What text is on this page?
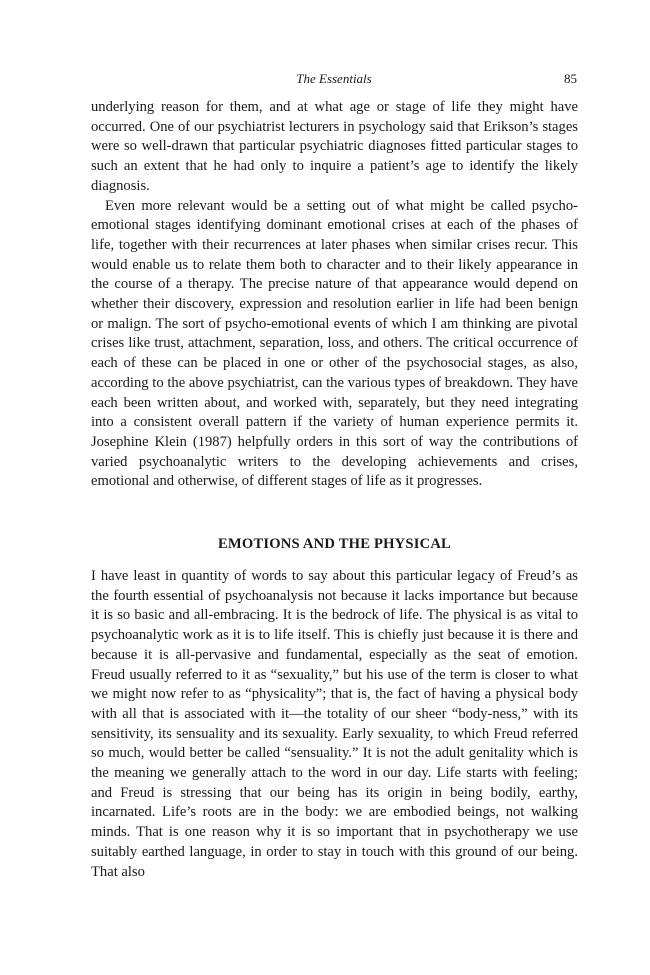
The Essentials	85

underlying reason for them, and at what age or stage of life they might have occurred. One of our psychiatrist lecturers in psychology said that Erikson’s stages were so well-drawn that particular psychiatric diagnoses fitted particular stages to such an extent that he had only to inquire a patient’s age to identify the likely diagnosis.

Even more relevant would be a setting out of what might be called psycho-emotional stages identifying dominant emotional crises at each of the phases of life, together with their recurrences at later phases when similar crises recur. This would enable us to relate them both to character and to their likely appearance in the course of a therapy. The precise nature of that appearance would depend on whether their discovery, expression and resolution earlier in life had been benign or malign. The sort of psycho-emotional events of which I am thinking are pivotal crises like trust, attachment, separation, loss, and others. The critical occurrence of each of these can be placed in one or other of the psychosocial stages, as also, according to the above psychiatrist, can the various types of breakdown. They have each been written about, and worked with, separately, but they need integrating into a consistent overall pattern if the variety of human experience permits it. Josephine Klein (1987) helpfully orders in this sort of way the contributions of varied psychoanalytic writers to the developing achievements and crises, emotional and otherwise, of different stages of life as it progresses.

EMOTIONS AND THE PHYSICAL

I have least in quantity of words to say about this particular legacy of Freud’s as the fourth essential of psychoanalysis not because it lacks importance but because it is so basic and all-embracing. It is the bedrock of life. The physical is as vital to psychoanalytic work as it is to life itself. This is chiefly just because it is there and because it is all-pervasive and fundamental, especially as the seat of emotion. Freud usually referred to it as “sexuality,” but his use of the term is closer to what we might now refer to as “physicality”; that is, the fact of having a physical body with all that is associated with it—the totality of our sheer “body-ness,” with its sensitivity, its sensuality and its sexuality. Early sexuality, to which Freud referred so much, would better be called “sensuality.” It is not the adult genitality which is the meaning we generally attach to the word in our day. Life starts with feeling; and Freud is stressing that our being has its origin in being bodily, earthy, incarnated. Life’s roots are in the body: we are embodied beings, not walking minds. That is one reason why it is so important that in psychotherapy we use suitably earthed language, in order to stay in touch with this ground of our being. That also
